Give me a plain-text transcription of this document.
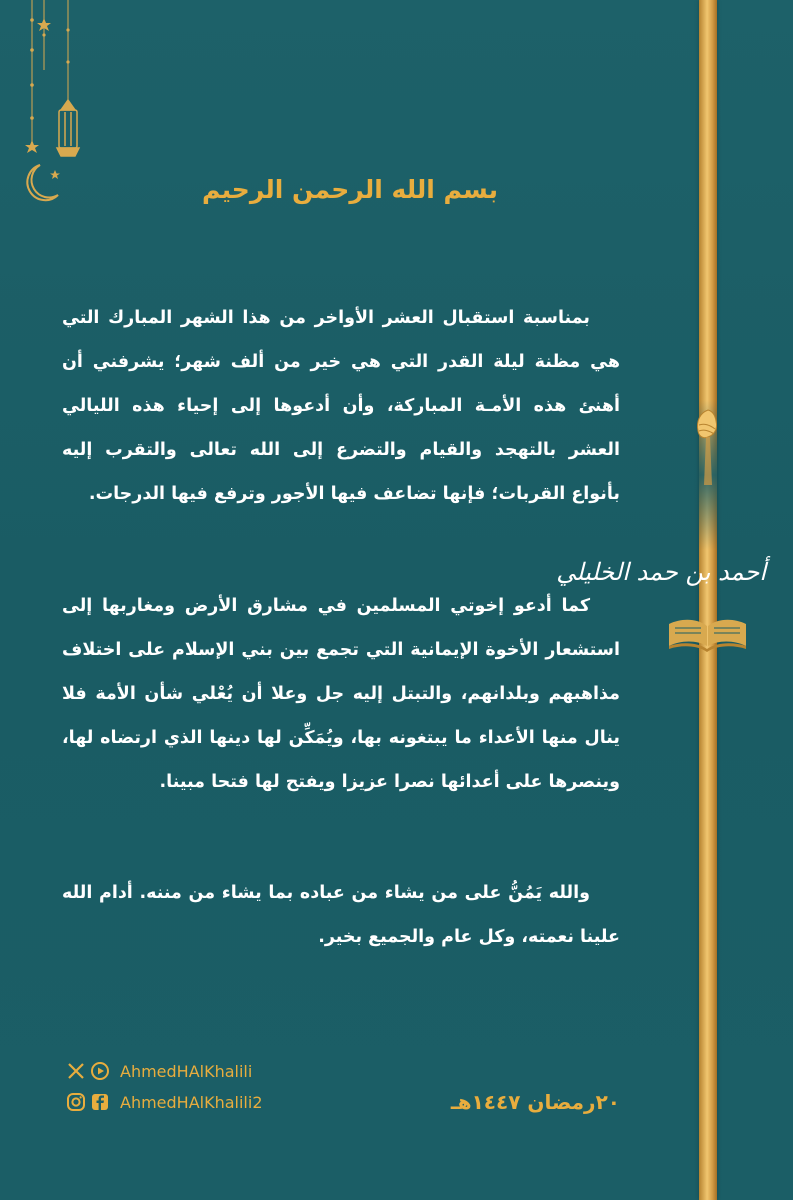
أحمد بن حمد الخليلي
بسم الله الرحمن الرحيم

بمناسبة استقبال العشر الأواخر من هذا الشهر المبارك التي هي مظنة ليلة القدر التي هي خير من ألف شهر؛ يشرفني أن أهنئ هذه الأمـة المباركة، وأن أدعوها إلى إحياء هذه الليالي العشر بالتهجد والقيام والتضرع إلى الله تعالى والتقرب إليه بأنواع القربات؛ فإنها تضاعف فيها الأجور وترفع فيها الدرجات.

كما أدعو إخوتي المسلمين في مشارق الأرض ومغاربها إلى استشعار الأخوة الإيمانية التي تجمع بين بني الإسلام على اختلاف مذاهبهم وبلدانهم، والتبتل إليه جل وعلا أن يُعْلي شأن الأمة فلا ينال منها الأعداء ما يبتغونه بها، ويُمَكِّن لها دينها الذي ارتضاه لها، وينصرها على أعدائها نصرا عزيزا ويفتح لها فتحا مبينا.

والله يَمُنُّ على من يشاء من عباده بما يشاء من مننه. أدام الله علينا نعمته، وكل عام والجميع بخير.

AhmedHAlKhalili
AhmedHAlKhalili2	٢٠رمضان ١٤٤٧هـ
